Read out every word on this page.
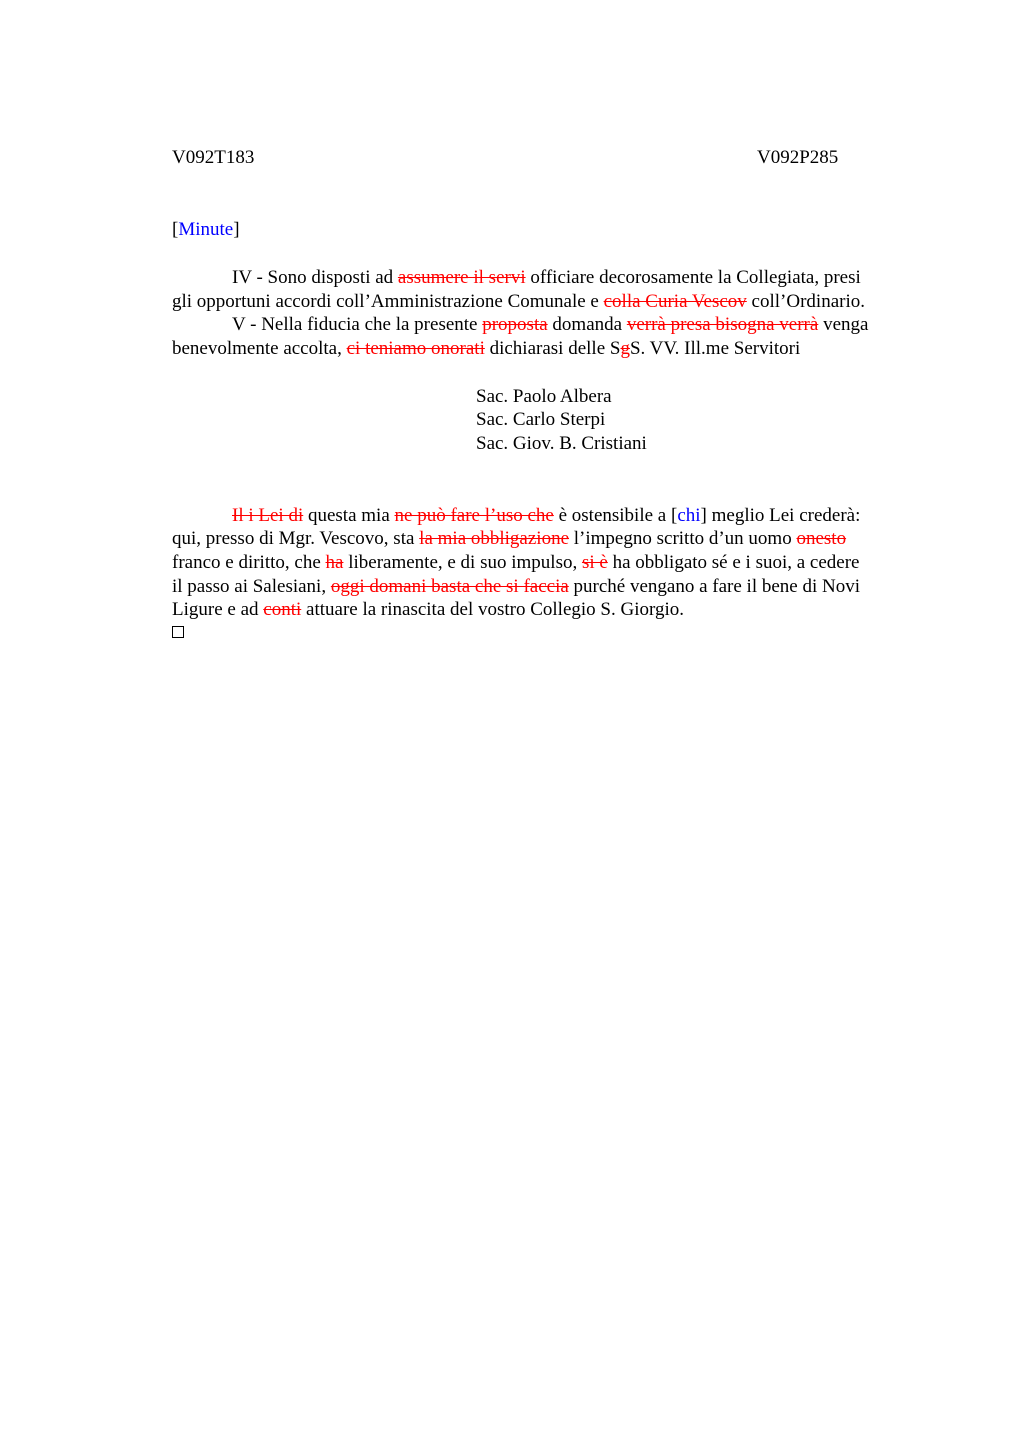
V092T183	V092P285
[Minute]
IV - Sono disposti ad assumere il servi officiare decorosamente la Collegiata, presi
gli opportuni accordi coll’Amministrazione Comunale e colla Curia Vescov coll’Ordinario.
V - Nella fiducia che la presente proposta domanda verrà presa bisogna verrà venga
benevolmente accolta, ci teniamo onorati dichiarasi delle SgS. VV. Ill.me Servitori
Sac. Paolo Albera
Sac. Carlo Sterpi
Sac. Giov. B. Cristiani
Il i Lei di questa mia ne può fare l’uso che è ostensibile a [chi] meglio Lei crederà:
qui, presso di Mgr. Vescovo, sta la mia obbligazione l’impegno scritto d’un uomo onesto
franco e diritto, che ha liberamente, e di suo impulso, si è ha obbligato sé e i suoi, a cedere
il passo ai Salesiani, oggi domani basta che si faccia purché vengano a fare il bene di Novi
Ligure e ad conti attuare la rinascita del vostro Collegio S. Giorgio.
